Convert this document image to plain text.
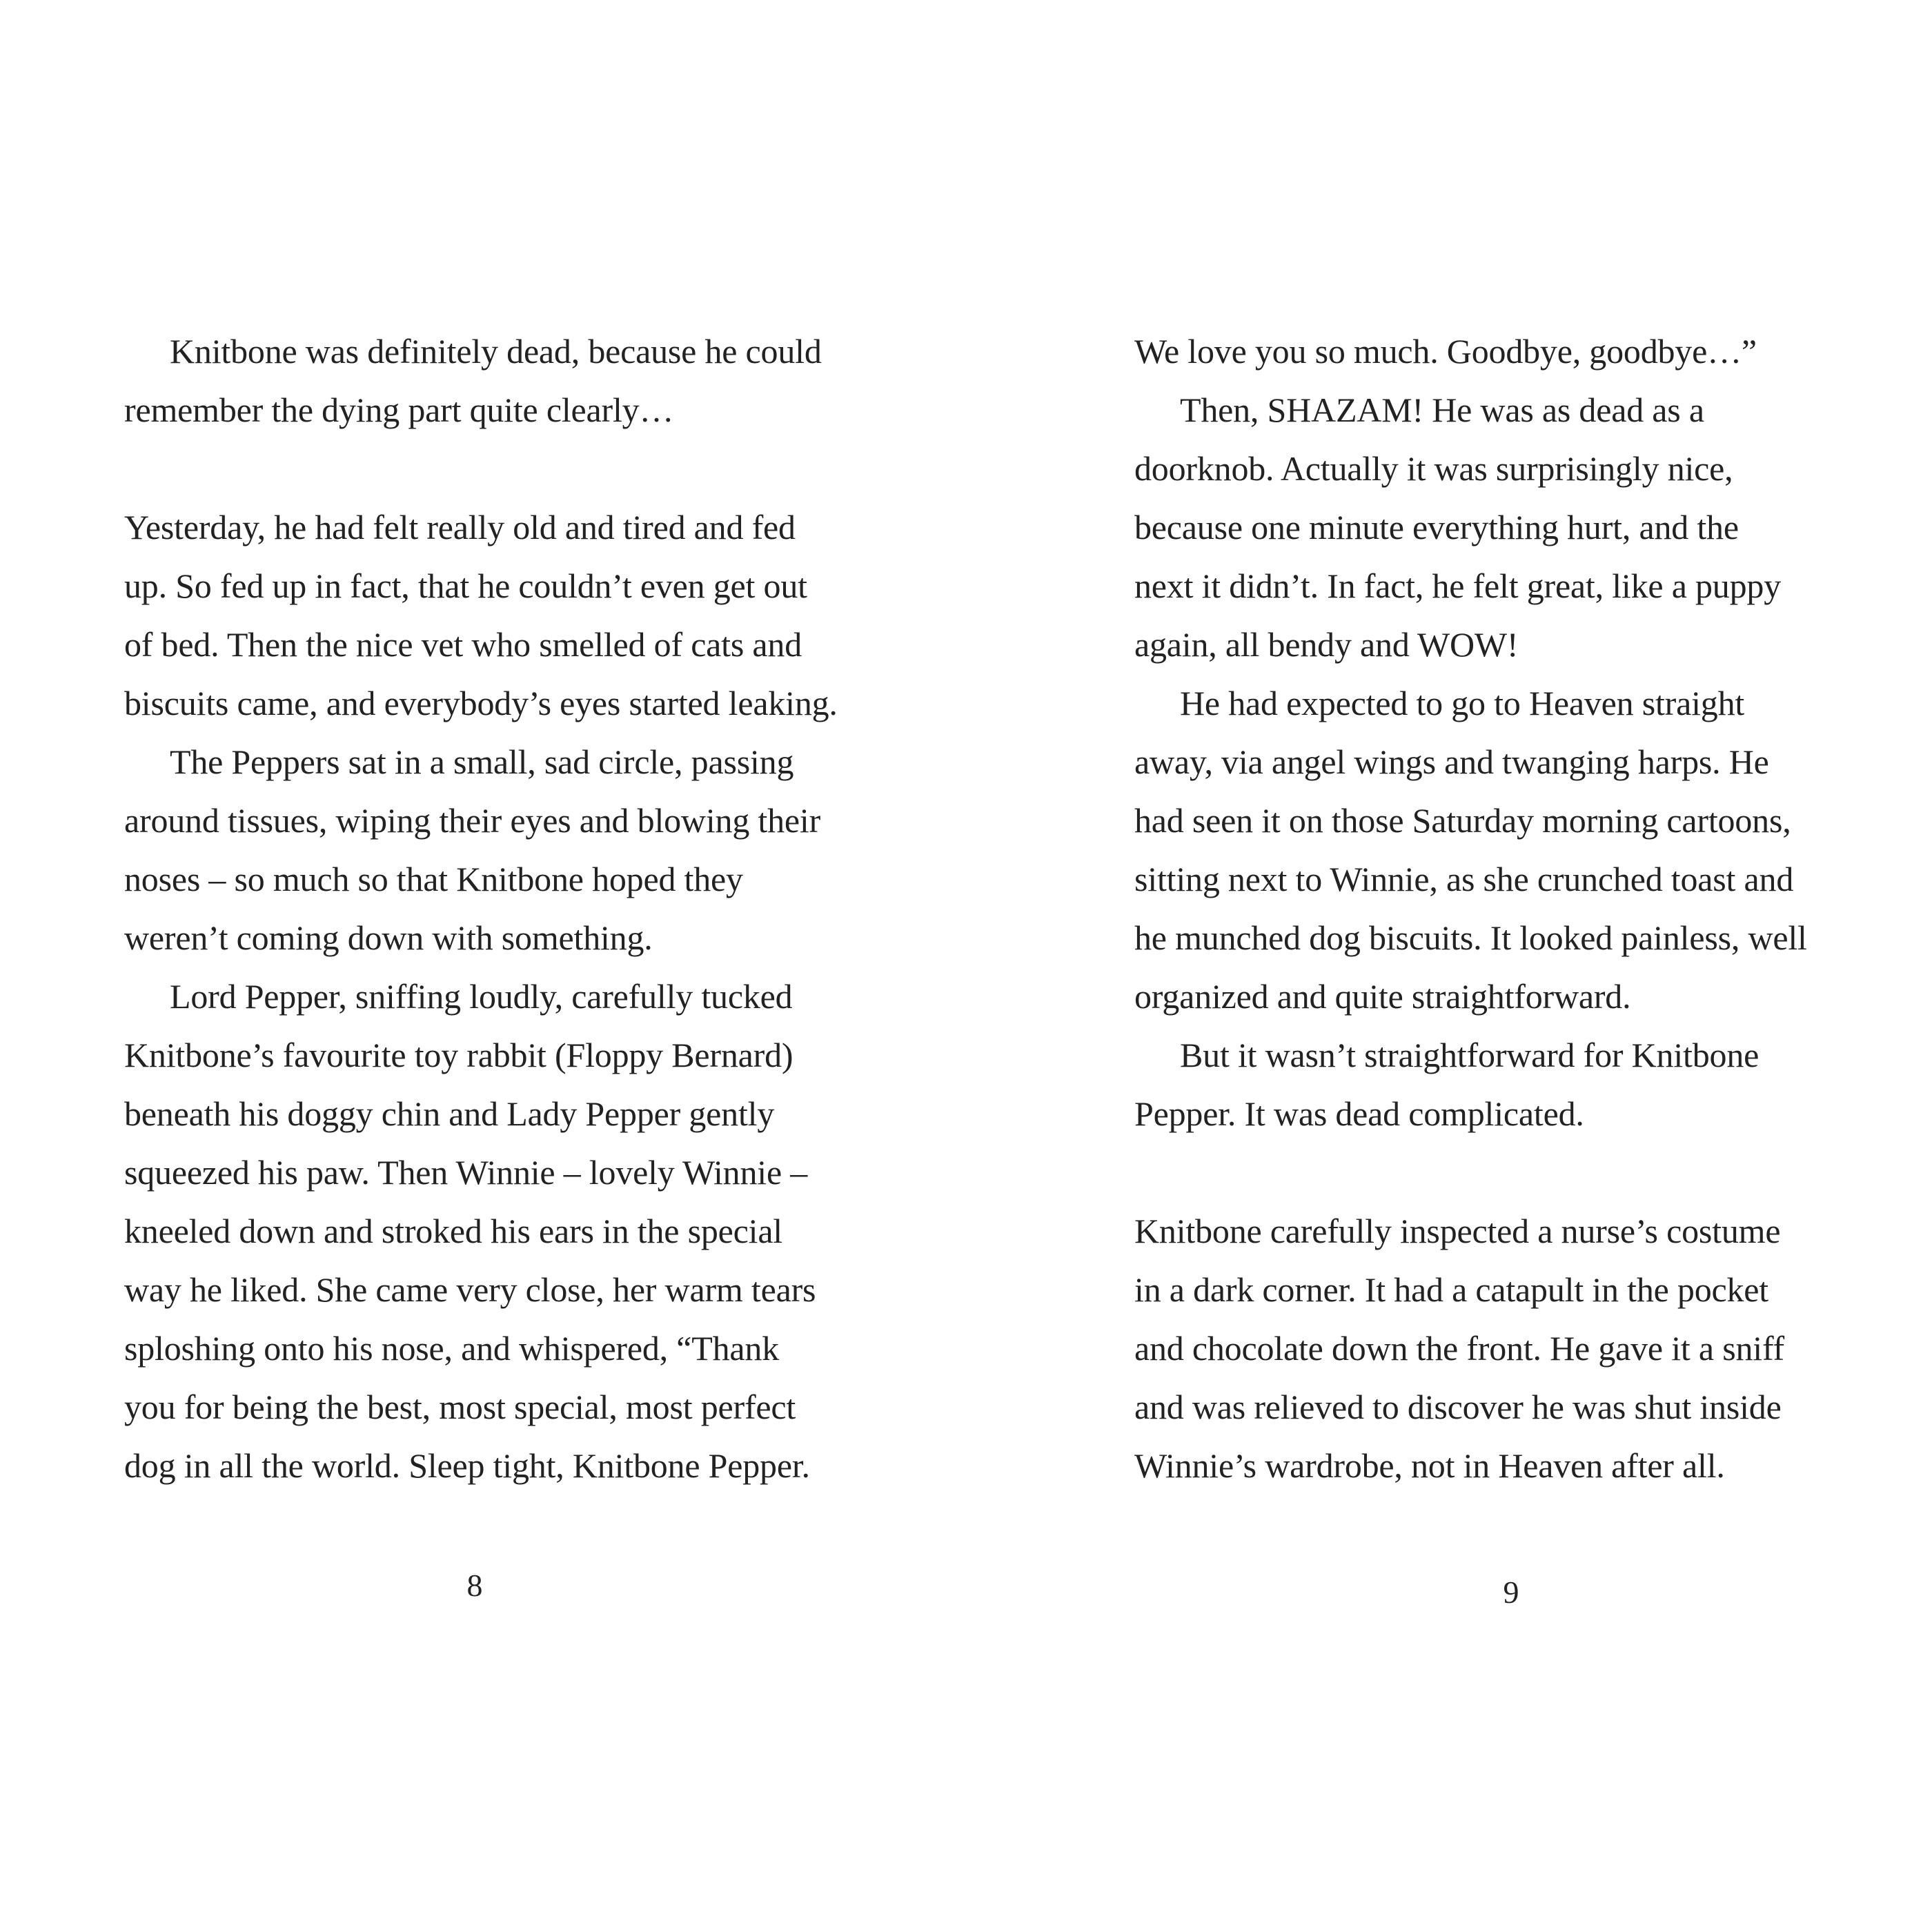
Knitbone was definitely dead, because he could
remember the dying part quite clearly…
Yesterday, he had felt really old and tired and fed
up. So fed up in fact, that he couldn’t even get out
of bed. Then the nice vet who smelled of cats and
biscuits came, and everybody’s eyes started leaking.
The Peppers sat in a small, sad circle, passing
around tissues, wiping their eyes and blowing their
noses – so much so that Knitbone hoped they
weren’t coming down with something.
Lord Pepper, sniffing loudly, carefully tucked
Knitbone’s favourite toy rabbit (Floppy Bernard)
beneath his doggy chin and Lady Pepper gently
squeezed his paw. Then Winnie – lovely Winnie –
kneeled down and stroked his ears in the special
way he liked. She came very close, her warm tears
sploshing onto his nose, and whispered, “Thank
you for being the best, most special, most perfect
dog in all the world. Sleep tight, Knitbone Pepper.
8
We love you so much. Goodbye, goodbye…”
Then, SHAZAM! He was as dead as a
doorknob. Actually it was surprisingly nice,
because one minute everything hurt, and the
next it didn’t. In fact, he felt great, like a puppy
again, all bendy and WOW!
He had expected to go to Heaven straight
away, via angel wings and twanging harps. He
had seen it on those Saturday morning cartoons,
sitting next to Winnie, as she crunched toast and
he munched dog biscuits. It looked painless, well
organized and quite straightforward.
But it wasn’t straightforward for Knitbone
Pepper. It was dead complicated.
Knitbone carefully inspected a nurse’s costume
in a dark corner. It had a catapult in the pocket
and chocolate down the front. He gave it a sniff
and was relieved to discover he was shut inside
Winnie’s wardrobe, not in Heaven after all.
9
